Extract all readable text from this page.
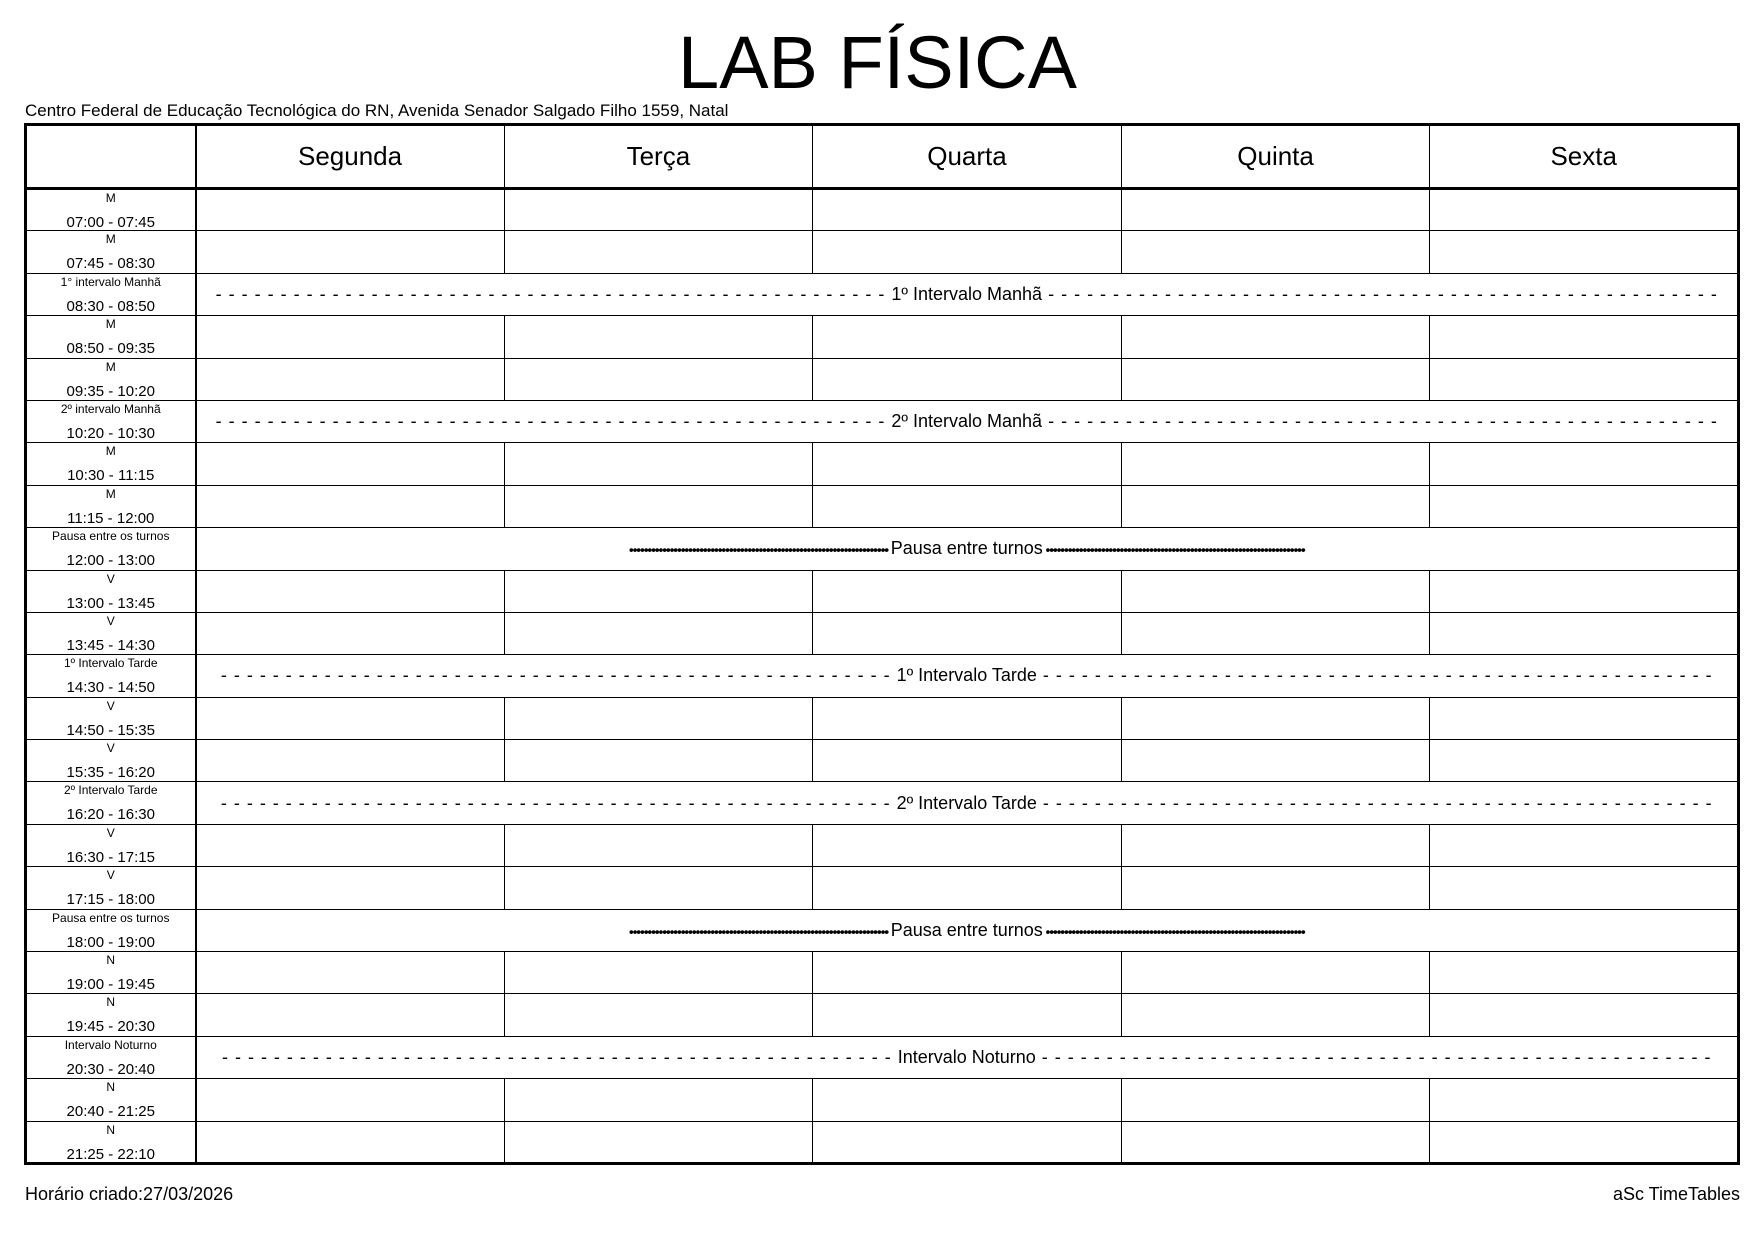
LAB FÍSICA
Centro Federal de Educação Tecnológica do RN, Avenida Senador Salgado Filho 1559, Natal
	Segunda	Terça	Quarta	Quinta	Sexta

M
07:00 - 07:45					

M
07:45 - 08:30					

1° intervalo Manhã
08:30 - 08:50	- - - - - - - - - - - - - - - - - - - - - - - - - - - - - - - - - - - - - - - - - - - - - - - - - - - - 1º Intervalo Manhã - - - - - - - - - - - - - - - - - - - - - - - - - - - - - - - - - - - - - - - - - - - - - - - - - - - -				

M
08:50 - 09:35					

M
09:35 - 10:20					

2º intervalo Manhã
10:20 - 10:30	- - - - - - - - - - - - - - - - - - - - - - - - - - - - - - - - - - - - - - - - - - - - - - - - - - - - 2º Intervalo Manhã - - - - - - - - - - - - - - - - - - - - - - - - - - - - - - - - - - - - - - - - - - - - - - - - - - - -				

M
10:30 - 11:15					

M
11:15 - 12:00					

Pausa entre os turnos
12:00 - 13:00	•••••••••••••••••••••••••••••••••••••••••••••••••••••••••••••••••••••• Pausa entre turnos ••••••••••••••••••••••••••••••••••••••••••••••••••••••••••••••••••••••				

V
13:00 - 13:45					

V
13:45 - 14:30					

1º Intervalo Tarde
14:30 - 14:50	- - - - - - - - - - - - - - - - - - - - - - - - - - - - - - - - - - - - - - - - - - - - - - - - - - - - 1º Intervalo Tarde - - - - - - - - - - - - - - - - - - - - - - - - - - - - - - - - - - - - - - - - - - - - - - - - - - - -				

V
14:50 - 15:35					

V
15:35 - 16:20					

2º Intervalo Tarde
16:20 - 16:30	- - - - - - - - - - - - - - - - - - - - - - - - - - - - - - - - - - - - - - - - - - - - - - - - - - - - 2º Intervalo Tarde - - - - - - - - - - - - - - - - - - - - - - - - - - - - - - - - - - - - - - - - - - - - - - - - - - - -				

V
16:30 - 17:15					

V
17:15 - 18:00					

Pausa entre os turnos
18:00 - 19:00	•••••••••••••••••••••••••••••••••••••••••••••••••••••••••••••••••••••• Pausa entre turnos ••••••••••••••••••••••••••••••••••••••••••••••••••••••••••••••••••••••				

N
19:00 - 19:45					

N
19:45 - 20:30					

Intervalo Noturno
20:30 - 20:40	- - - - - - - - - - - - - - - - - - - - - - - - - - - - - - - - - - - - - - - - - - - - - - - - - - - - Intervalo Noturno - - - - - - - - - - - - - - - - - - - - - - - - - - - - - - - - - - - - - - - - - - - - - - - - - - - -				

N
20:40 - 21:25					

N
21:25 - 22:10					

Horário criado:27/03/2026	aSc TimeTables
